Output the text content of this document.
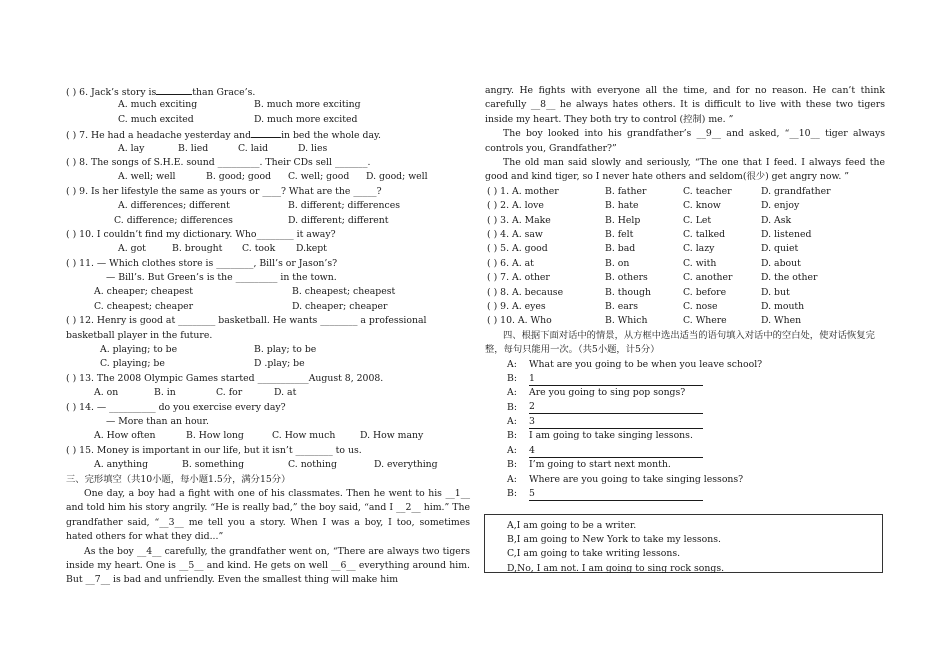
( ) 6. Jack’s story is	than Grace’s.
A. much exciting	B. much more exciting
C. much excited	D. much more excited
( ) 7. He had a headache yesterday and	in bed the whole day.
A. lay	B. lied	C. laid	D. lies
( ) 8. The songs of S.H.E. sound _________. Their CDs sell _______.
A. well; well	B. good; good	C. well; good	D. good; well
( ) 9. Is her lifestyle the same as yours or ____? What are the _____?
A. differences; different	B. different; differences
C. difference; differences	D. different; different
( ) 10. I couldn’t find my dictionary. Who________ it away?
A. got	B. brought	C. took	D.kept
( ) 11. — Which clothes store is ________, Bill’s or Jason’s?
— Bill’s. But Green’s is the _________ in the town.
A. cheaper; cheapest	B. cheapest; cheapest
C. cheapest; cheaper	D. cheaper; cheaper
( ) 12. Henry is good at ________ basketball. He wants ________ a professional
basketball player in the future.
A. playing; to be	B. play; to be
C. playing; be	D .play; be
( ) 13. The 2008 Olympic Games started ___________August 8, 2008.
A. on	B. in	C. for	D. at
( ) 14. — __________ do you exercise every day?
— More than an hour.
A. How often	B. How long	C. How much	D. How many
( ) 15. Money is important in our life, but it isn’t ________ to us.
A. anything	B. something	C. nothing	D. everything
三、完形填空（共10小题，每小题1.5分，满分15分）

One day, a boy had a fight with one of his classmates. Then he went to his __1__ and told him his story angrily. “He is really bad,” the boy said, “and I __2__ him.” The grandfather said, “__3__ me tell you a story. When I was a boy, I too, sometimes hated others for what they did...”

As the boy __4__ carefully, the grandfather went on, “There are always two tigers inside my heart. One is __5__ and kind. He gets on well __6__ everything around him. But __7__ is bad and unfriendly. Even the smallest thing will make him

angry. He fights with everyone all the time, and for no reason. He can’t think carefully __8__ he always hates others. It is difficult to live with these two tigers inside my heart. They both try to control (控制) me. ”

The boy looked into his grandfather’s __9__ and asked, “__10__ tiger always controls you, Grandfather?”

The old man said slowly and seriously, “The one that I feed. I always feed the good and kind tiger, so I never hate others and seldom(很少) get angry now. ”

( ) 1. A. mother	B. father	C. teacher	D. grandfather
( ) 2. A. love	B. hate	C. know	D. enjoy
( ) 3. A. Make	B. Help	C. Let	D. Ask
( ) 4. A. saw	B. felt	C. talked	D. listened
( ) 5. A. good	B. bad	C. lazy	D. quiet
( ) 6. A. at	B. on	C. with	D. about
( ) 7. A. other	B. others	C. another	D. the other
( ) 8. A. because	B. though	C. before	D. but
( ) 9. A. eyes	B. ears	C. nose	D. mouth
( ) 10. A. Who	B. Which	C. Where	D. When
四、根据下面对话中的情景，从方框中选出适当的语句填入对话中的空白处，使对话恢复完
整，每句只能用一次。（共5小题，计5分）
A:	What are you going to be when you leave school?
B:	1
A:	Are you going to sing pop songs?
B:	2
A:	3
B:	I am going to take singing lessons.
A:	4
B:	I’m going to start next month.
A:	Where are you going to take singing lessons?
B:	5
A,I am going to be a writer.
B,I am going to New York to take my lessons.
C,I am going to take writing lessons.
D,No, I am not. I am going to sing rock songs.
